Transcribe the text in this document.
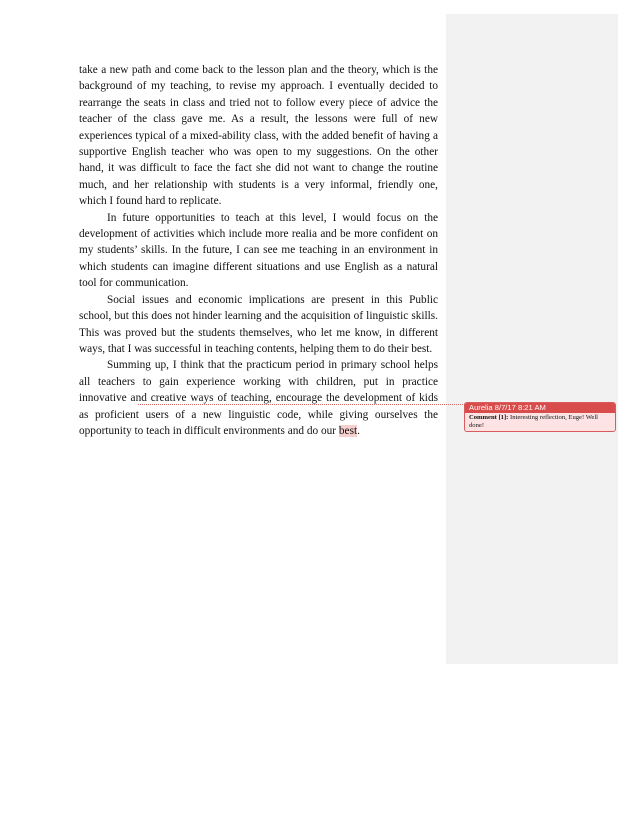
take a new path and come back to the lesson plan and the theory, which is the background of my teaching, to revise my approach. I eventually decided to rearrange the seats in class and tried not to follow every piece of advice the teacher of the class gave me. As a result, the lessons were full of new experiences typical of a mixed-ability class, with the added benefit of having a supportive English teacher who was open to my suggestions. On the other hand, it was difficult to face the fact she did not want to change the routine much, and her relationship with students is a very informal, friendly one, which I found hard to replicate.

In future opportunities to teach at this level, I would focus on the development of activities which include more realia and be more confident on my students’ skills. In the future, I can see me teaching in an environment in which students can imagine different situations and use English as a natural tool for communication.

Social issues and economic implications are present in this Public school, but this does not hinder learning and the acquisition of linguistic skills. This was proved but the students themselves, who let me know, in different ways, that I was successful in teaching contents, helping them to do their best.

Summing up, I think that the practicum period in primary school helps all teachers to gain experience working with children, put in practice innovative and creative ways of teaching, encourage the development of kids as proficient users of a new linguistic code, while giving ourselves the opportunity to teach in difficult environments and do our best.

Aurelia 8/7/17 8:21 AM
Comment [1]: Interesting reflection, Euge! Well done!
